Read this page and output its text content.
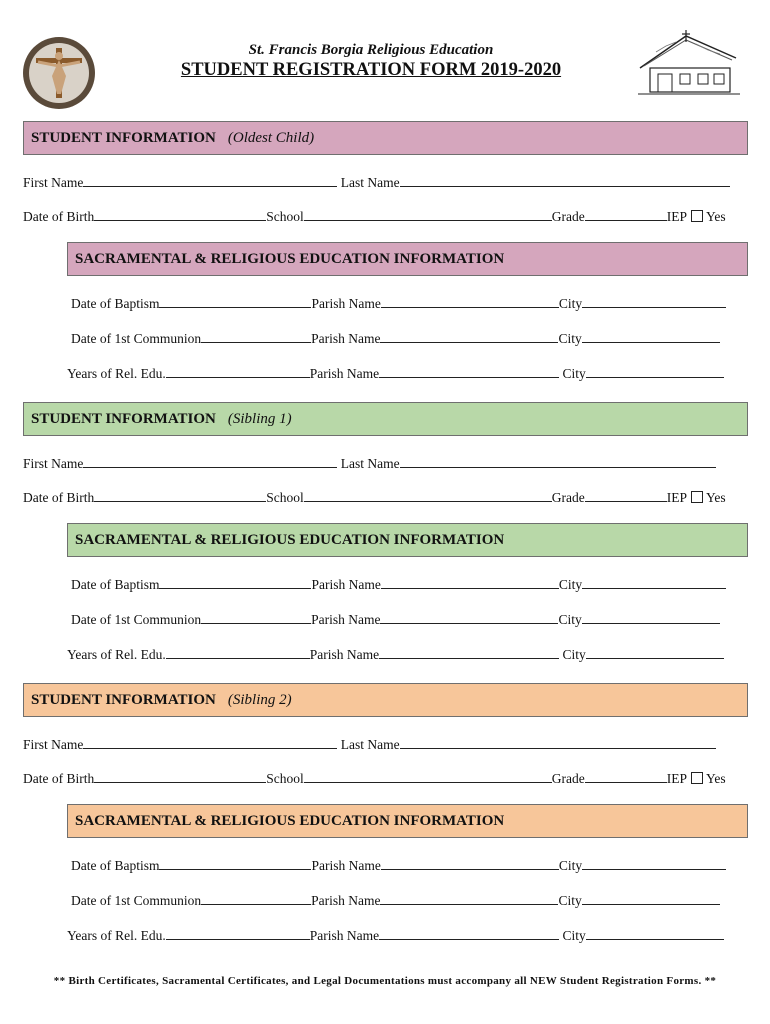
St. Francis Borgia Religious Education
STUDENT REGISTRATION FORM 2019-2020
STUDENT INFORMATION (Oldest Child)
First Name	Last Name
Date of Birth	School	Grade	IEP Yes
SACRAMENTAL & RELIGIOUS EDUCATION INFORMATION
Date of Baptism	Parish Name	City
Date of 1st Communion	Parish Name	City
Years of Rel. Edu.	Parish Name	City
STUDENT INFORMATION (Sibling 1)
First Name	Last Name
Date of Birth	School	Grade	IEP Yes
SACRAMENTAL & RELIGIOUS EDUCATION INFORMATION
Date of Baptism	Parish Name	City
Date of 1st Communion	Parish Name	City
Years of Rel. Edu.	Parish Name	City
STUDENT INFORMATION (Sibling 2)
First Name	Last Name
Date of Birth	School	Grade	IEP Yes
SACRAMENTAL & RELIGIOUS EDUCATION INFORMATION
Date of Baptism	Parish Name	City
Date of 1st Communion	Parish Name	City
Years of Rel. Edu.	Parish Name	City
** Birth Certificates, Sacramental Certificates, and Legal Documentations must accompany all NEW Student Registration Forms. **
